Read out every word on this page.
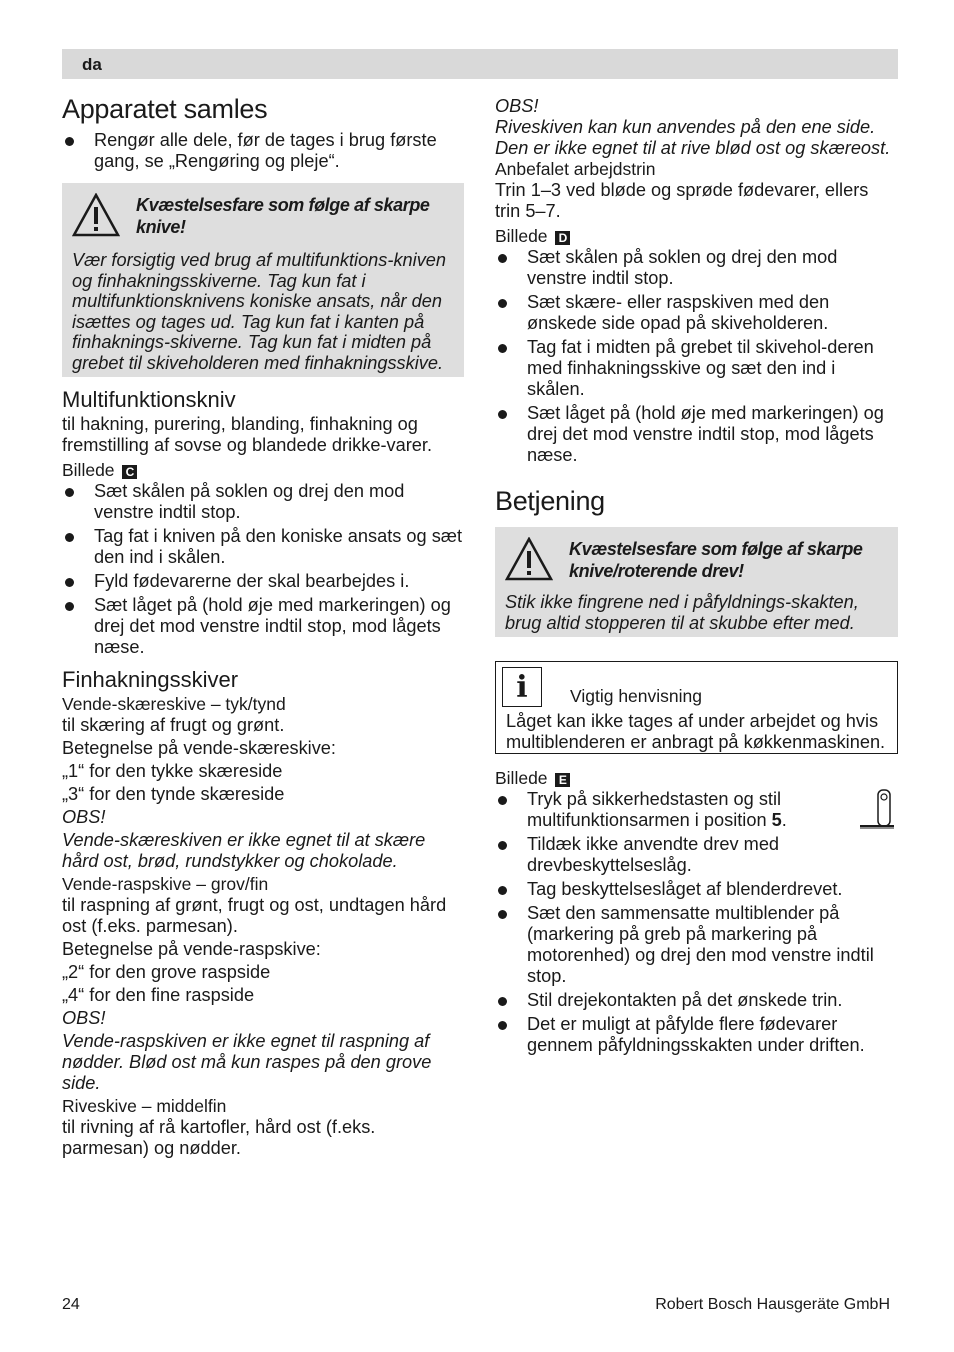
da
Apparatet samles
Rengør alle dele, før de tages i brug første gang, se „Rengøring og pleje“.
Kvæstelsesfare som følge af skarpe knive!
Vær forsigtig ved brug af multifunktions-kniven og finhakningsskiverne. Tag kun fat i multifunktionsknivens koniske ansats, når den isættes og tages ud. Tag kun fat i kanten på finhaknings-skiverne. Tag kun fat i midten på grebet til skiveholderen med finhakningsskive.
Multifunktionskniv

til hakning, purering, blanding, finhakning og fremstilling af sovse og blandede drikke-varer.

Billede C

Sæt skålen på soklen og drej den mod venstre indtil stop.
Tag fat i kniven på den koniske ansats og sæt den ind i skålen.
Fyld fødevarerne der skal bearbejdes i.
Sæt låget på (hold øje med markeringen) og drej det mod venstre indtil stop, mod lågets næse.
Finhakningsskiver

Vende-skæreskive – tyk/tynd

til skæring af frugt og grønt.

Betegnelse på vende-skæreskive:

„1“ for den tykke skæreside

„3“ for den tynde skæreside

OBS!

Vende-skæreskiven er ikke egnet til at skære hård ost, brød, rundstykker og chokolade.

Vende-raspskive – grov/fin

til raspning af grønt, frugt og ost, undtagen hård ost (f.eks. parmesan).

Betegnelse på vende-raspskive:

„2“ for den grove raspside

„4“ for den fine raspside

OBS!

Vende-raspskiven er ikke egnet til raspning af nødder. Blød ost må kun raspes på den grove side.

Riveskive – middelfin

til rivning af rå kartofler, hård ost (f.eks. parmesan) og nødder.

OBS!

Riveskiven kan kun anvendes på den ene side. Den er ikke egnet til at rive blød ost og skæreost.

Anbefalet arbejdstrin

Trin 1–3 ved bløde og sprøde fødevarer, ellers trin 5–7.

Billede D

Sæt skålen på soklen og drej den mod venstre indtil stop.
Sæt skære- eller raspskiven med den ønskede side opad på skiveholderen.
Tag fat i midten på grebet til skivehol-deren med finhakningsskive og sæt den ind i skålen.
Sæt låget på (hold øje med markeringen) og drej det mod venstre indtil stop, mod lågets næse.
Betjening
Kvæstelsesfare som følge af skarpe knive/roterende drev!
Stik ikke fingrene ned i påfyldnings-skakten, brug altid stopperen til at skubbe efter med.
i	Vigtig henvisning
Låget kan ikke tages af under arbejdet og hvis multiblenderen er anbragt på køkkenmaskinen.

Billede E

Tryk på sikkerhedstasten og stil multifunktionsarmen i position 5.
Tildæk ikke anvendte drev med drevbeskyttelseslåg.
Tag beskyttelseslåget af blenderdrevet.
Sæt den sammensatte multiblender på (markering på greb på markering på motorenhed) og drej den mod venstre indtil stop.
Stil drejekontakten på det ønskede trin.
Det er muligt at påfylde flere fødevarer gennem påfyldningsskakten under driften.
24	Robert Bosch Hausgeräte GmbH
